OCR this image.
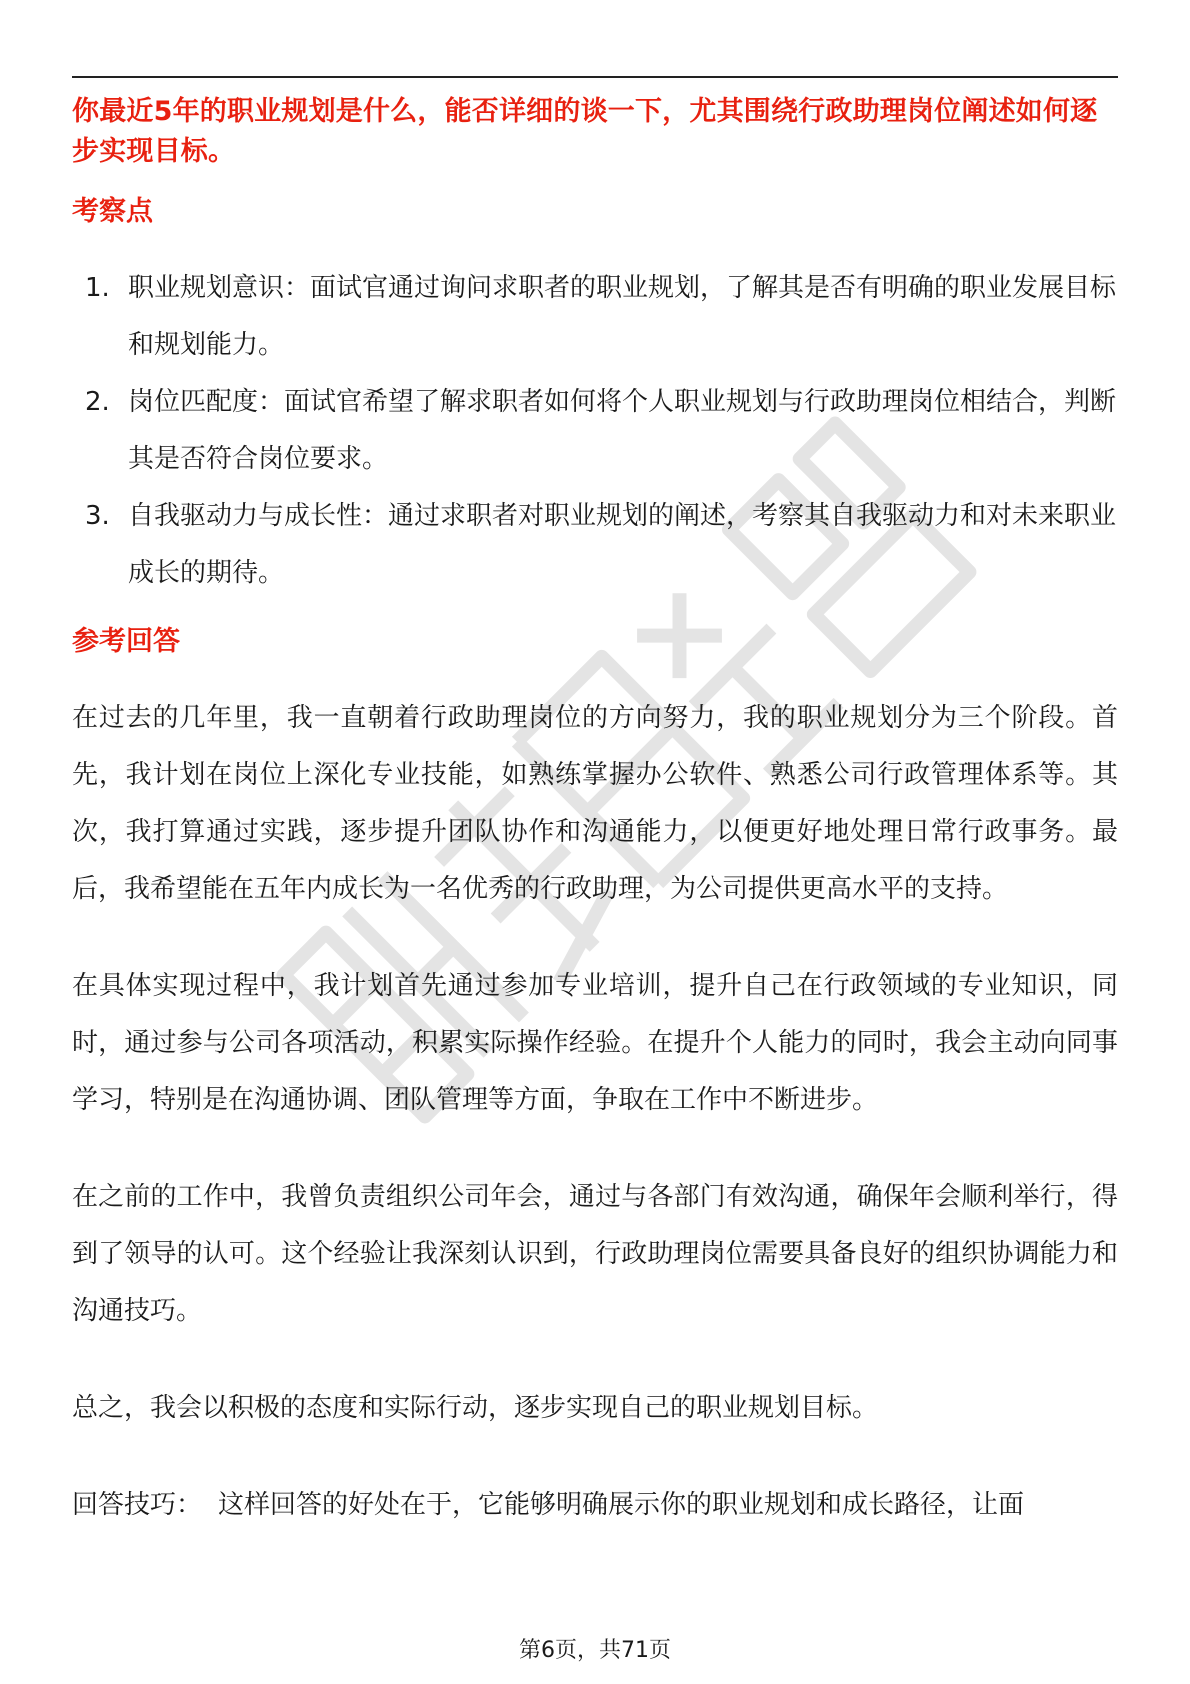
你最近5年的职业规划是什么，能否详细的谈一下，尤其围绕行政助理岗位阐述如何逐步实现目标。

考察点
1. 职业规划意识：面试官通过询问求职者的职业规划，了解其是否有明确的职业发展目标和规划能力。
2. 岗位匹配度：面试官希望了解求职者如何将个人职业规划与行政助理岗位相结合，判断其是否符合岗位要求。
3. 自我驱动力与成长性：通过求职者对职业规划的阐述，考察其自我驱动力和对未来职业成长的期待。
参考回答

在过去的几年里，我一直朝着行政助理岗位的方向努力，我的职业规划分为三个阶段。首先，我计划在岗位上深化专业技能，如熟练掌握办公软件、熟悉公司行政管理体系等。其次，我打算通过实践，逐步提升团队协作和沟通能力，以便更好地处理日常行政事务。最后，我希望能在五年内成长为一名优秀的行政助理，为公司提供更高水平的支持。

在具体实现过程中，我计划首先通过参加专业培训，提升自己在行政领域的专业知识，同时，通过参与公司各项活动，积累实际操作经验。在提升个人能力的同时，我会主动向同事学习，特别是在沟通协调、团队管理等方面，争取在工作中不断进步。

在之前的工作中，我曾负责组织公司年会，通过与各部门有效沟通，确保年会顺利举行，得到了领导的认可。这个经验让我深刻认识到，行政助理岗位需要具备良好的组织协调能力和沟通技巧。

总之，我会以积极的态度和实际行动，逐步实现自己的职业规划目标。

回答技巧： 这样回答的好处在于，它能够明确展示你的职业规划和成长路径，让面

第6页，共71页
